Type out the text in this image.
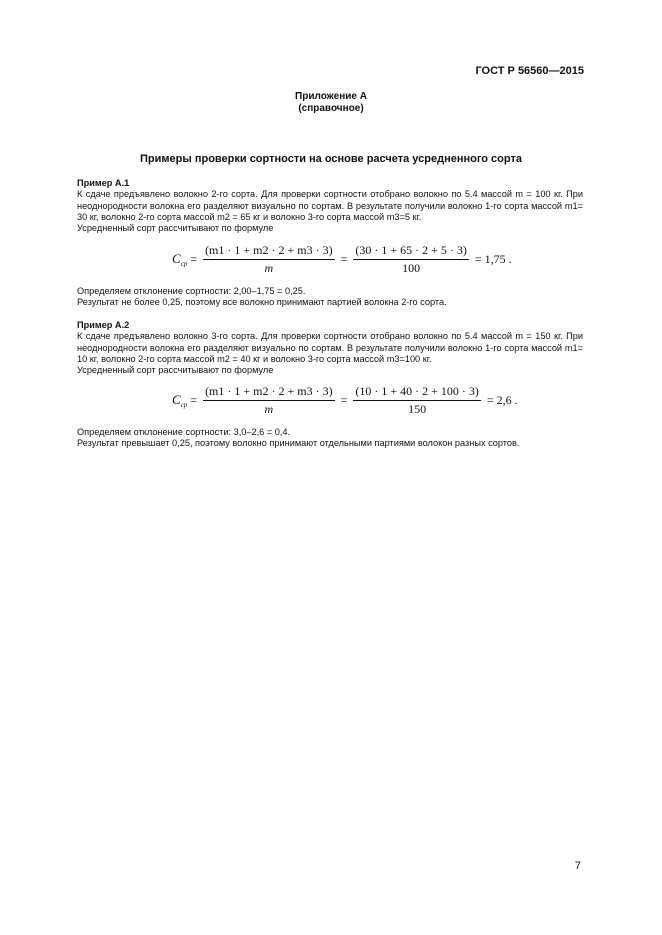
ГОСТ Р 56560—2015
Приложение А
(справочное)
Примеры проверки сортности на основе расчета усредненного сорта
Пример А.1

К сдаче предъявлено волокно 2-го сорта. Для проверки сортности отобрано волокно по 5.4 массой m = 100 кг. При неоднородности волокна его разделяют визуально по сортам. В результате получили волокно 1-го сорта массой m1= 30 кг, волокно 2-го сорта массой m2 = 65 кг и волокно 3-го сорта массой m3=5 кг.

Усредненный сорт рассчитывают по формуле

$C_{ср} = \frac{(m1 \cdot 1 + m2 \cdot 2 + m3 \cdot 3)}{m} = \frac{(30 \cdot 1 + 65 \cdot 2 + 5 \cdot 3)}{100} = 1,75$ .

Определяем отклонение сортности: 2,00–1,75 = 0,25.

Результат не более 0,25, поэтому все волокно принимают партией волокна 2-го сорта.

Пример А.2

К сдаче предъявлено волокно 3-го сорта. Для проверки сортности отобрано волокно по 5.4 массой m = 150 кг. При неоднородности волокна его разделяют визуально по сортам. В результате получили волокно 1-го сорта массой m1= 10 кг, волокно 2-го сорта массой m2 = 40 кг и волокно 3-го сорта массой m3=100 кг.

Усредненный сорт рассчитывают по формуле

$C_{ср} = \frac{(m1 \cdot 1 + m2 \cdot 2 + m3 \cdot 3)}{m} = \frac{(10 \cdot 1 + 40 \cdot 2 + 100 \cdot 3)}{150} = 2,6$ .

Определяем отклонение сортности: 3,0–2,6 = 0,4.

Результат превышает 0,25, поэтому волокно принимают отдельными партиями волокон разных сортов.

7
